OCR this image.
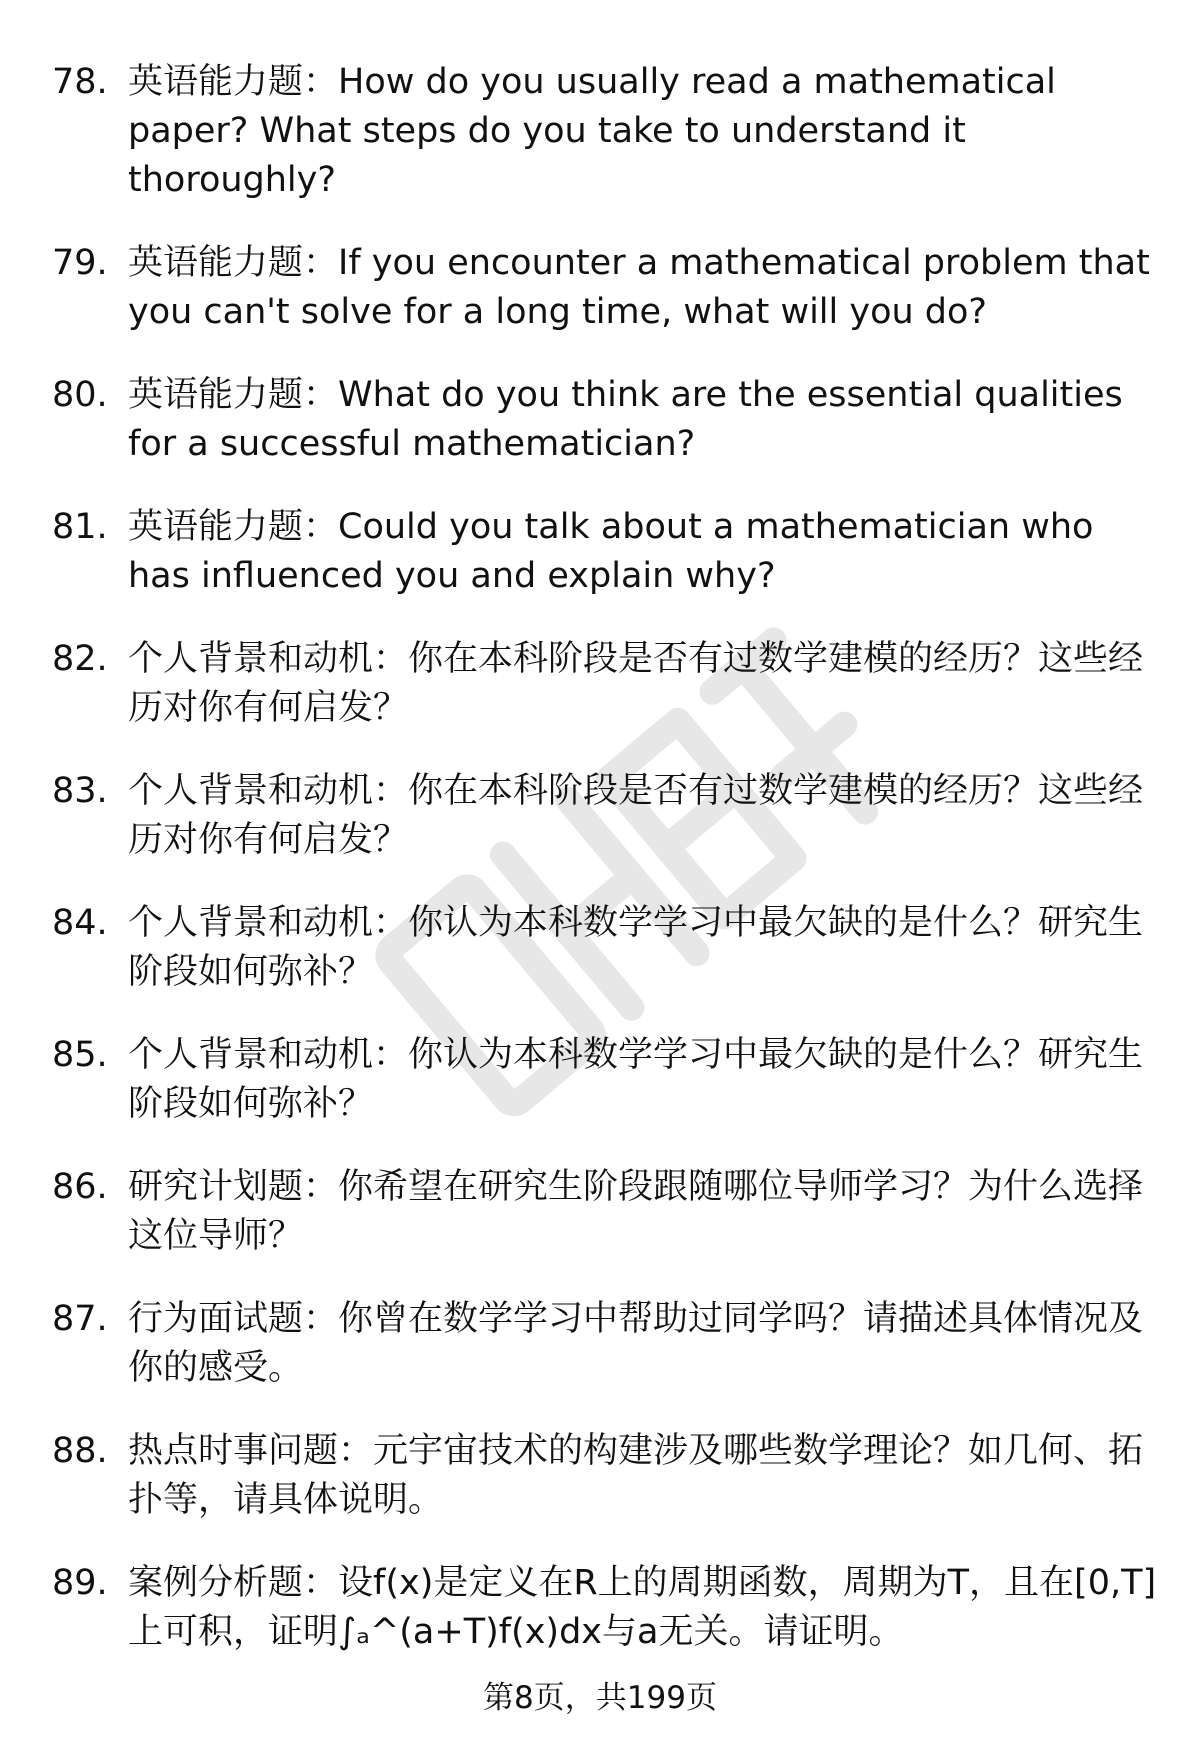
78. 英语能力题：How do you usually read a mathematical paper? What steps do you take to understand it thoroughly?
79. 英语能力题：If you encounter a mathematical problem that you can't solve for a long time, what will you do?
80. 英语能力题：What do you think are the essential qualities for a successful mathematician?
81. 英语能力题：Could you talk about a mathematician who has influenced you and explain why?
82. 个人背景和动机：你在本科阶段是否有过数学建模的经历？这些经历对你有何启发？
83. 个人背景和动机：你在本科阶段是否有过数学建模的经历？这些经历对你有何启发？
84. 个人背景和动机：你认为本科数学学习中最欠缺的是什么？研究生阶段如何弥补？
85. 个人背景和动机：你认为本科数学学习中最欠缺的是什么？研究生阶段如何弥补？
86. 研究计划题：你希望在研究生阶段跟随哪位导师学习？为什么选择这位导师？
87. 行为面试题：你曾在数学学习中帮助过同学吗？请描述具体情况及你的感受。
88. 热点时事问题：元宇宙技术的构建涉及哪些数学理论？如几何、拓扑等，请具体说明。
89. 案例分析题：设f(x)是定义在R上的周期函数，周期为T，且在[0,T]上可积，证明∫ₐ^(a+T)f(x)dx与a无关。请证明。
第8页，共199页
